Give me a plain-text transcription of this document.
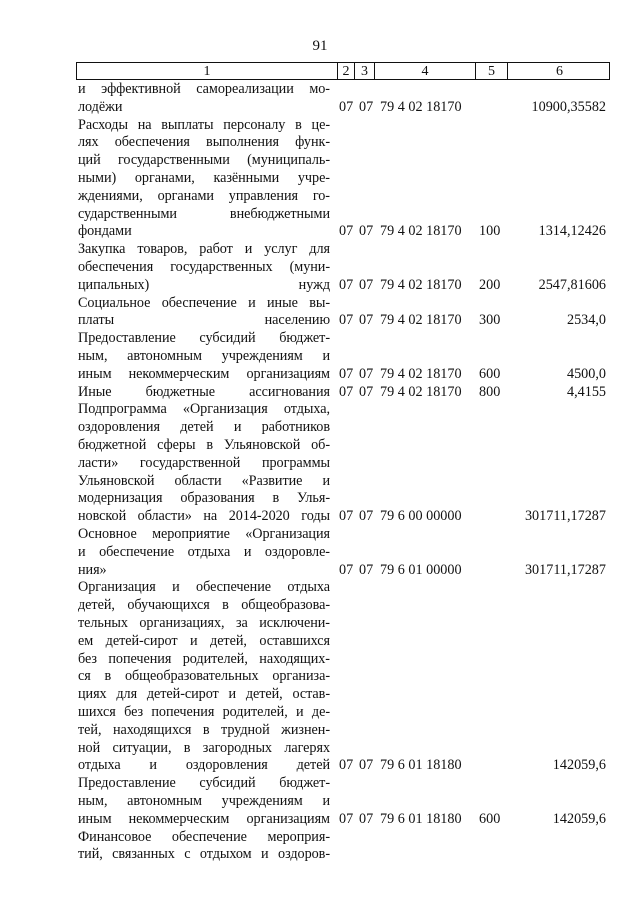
91
1	2 3	4	5	6
и эффективной самореализации мо-
лодёжи	07 07 79 4 02 18170	10900,35582
Расходы на выплаты персоналу в це-
лях обеспечения выполнения функ-
ций государственными (муниципаль-
ными) органами, казёнными учре-
ждениями, органами управления го-
сударственными внебюджетными
фондами	07 07 79 4 02 18170 100	1314,12426
Закупка товаров, работ и услуг для
обеспечения государственных (муни-
ципальных) нужд 07 07 79 4 02 18170 200	2547,81606
Социальное обеспечение и иные вы-
платы населению 07 07 79 4 02 18170 300	2534,0
Предоставление субсидий бюджет-
ным, автономным учреждениям и
иным некоммерческим организациям 07 07 79 4 02 18170 600	4500,0
Иные бюджетные ассигнования 07 07 79 4 02 18170 800	4,4155
Подпрограмма «Организация отдыха,
оздоровления детей и работников
бюджетной сферы в Ульяновской об-
ласти» государственной программы
Ульяновской области «Развитие и
модернизация образования в Улья-
новской области» на 2014-2020 годы 07 07 79 6 00 00000	301711,17287
Основное мероприятие «Организация
и обеспечение отдыха и оздоровле-
ния»	07 07 79 6 01 00000	301711,17287
Организация и обеспечение отдыха
детей, обучающихся в общеобразова-
тельных организациях, за исключени-
ем детей-сирот и детей, оставшихся
без попечения родителей, находящих-
ся в общеобразовательных организа-
циях для детей-сирот и детей, остав-
шихся без попечения родителей, и де-
тей, находящихся в трудной жизнен-
ной ситуации, в загородных лагерях
отдыха и оздоровления детей 07 07 79 6 01 18180	142059,6
Предоставление субсидий бюджет-
ным, автономным учреждениям и
иным некоммерческим организациям 07 07 79 6 01 18180 600	142059,6
Финансовое обеспечение мероприя-
тий, связанных с отдыхом и оздоров-
